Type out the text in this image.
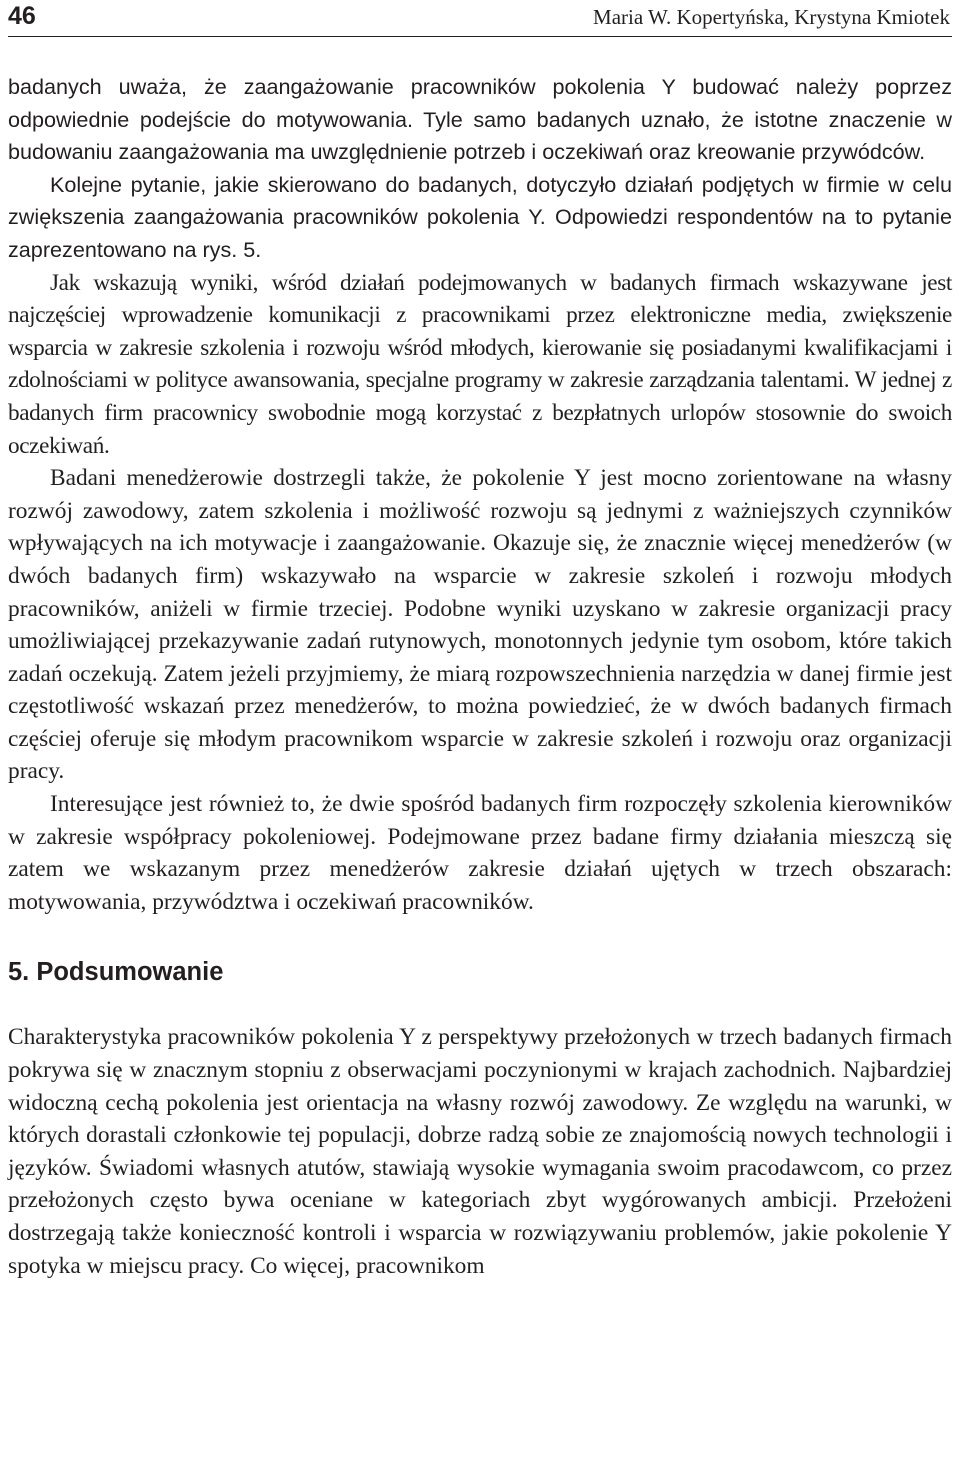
46	Maria W. Kopertyńska, Krystyna Kmiotek

badanych uważa, że zaangażowanie pracowników pokolenia Y budować należy poprzez odpowiednie podejście do motywowania. Tyle samo badanych uznało, że istotne znaczenie w budowaniu zaangażowania ma uwzględnienie potrzeb i oczekiwań oraz kreowanie przywódców.

Kolejne pytanie, jakie skierowano do badanych, dotyczyło działań podjętych w firmie w celu zwiększenia zaangażowania pracowników pokolenia Y. Odpowiedzi respondentów na to pytanie zaprezentowano na rys. 5.

Jak wskazują wyniki, wśród działań podejmowanych w badanych firmach wskazywane jest najczęściej wprowadzenie komunikacji z pracownikami przez elektroniczne media, zwiększenie wsparcia w zakresie szkolenia i rozwoju wśród młodych, kierowanie się posiadanymi kwalifikacjami i zdolnościami w polityce awansowania, specjalne programy w zakresie zarządzania talentami. W jednej z badanych firm pracownicy swobodnie mogą korzystać z bezpłatnych urlopów stosownie do swoich oczekiwań.

Badani menedżerowie dostrzegli także, że pokolenie Y jest mocno zorientowane na własny rozwój zawodowy, zatem szkolenia i możliwość rozwoju są jednymi z ważniejszych czynników wpływających na ich motywacje i zaangażowanie. Okazuje się, że znacznie więcej menedżerów (w dwóch badanych firm) wskazywało na wsparcie w zakresie szkoleń i rozwoju młodych pracowników, aniżeli w firmie trzeciej. Podobne wyniki uzyskano w zakresie organizacji pracy umożliwiającej przekazywanie zadań rutynowych, monotonnych jedynie tym osobom, które takich zadań oczekują. Zatem jeżeli przyjmiemy, że miarą rozpowszechnienia narzędzia w danej firmie jest częstotliwość wskazań przez menedżerów, to można powiedzieć, że w dwóch badanych firmach częściej oferuje się młodym pracownikom wsparcie w zakresie szkoleń i rozwoju oraz organizacji pracy.

Interesujące jest również to, że dwie spośród badanych firm rozpoczęły szkolenia kierowników w zakresie współpracy pokoleniowej. Podejmowane przez badane firmy działania mieszczą się zatem we wskazanym przez menedżerów zakresie działań ujętych w trzech obszarach: motywowania, przywództwa i oczekiwań pracowników.

5. Podsumowanie

Charakterystyka pracowników pokolenia Y z perspektywy przełożonych w trzech badanych firmach pokrywa się w znacznym stopniu z obserwacjami poczynionymi w krajach zachodnich. Najbardziej widoczną cechą pokolenia jest orientacja na własny rozwój zawodowy. Ze względu na warunki, w których dorastali członkowie tej populacji, dobrze radzą sobie ze znajomością nowych technologii i języków. Świadomi własnych atutów, stawiają wysokie wymagania swoim pracodawcom, co przez przełożonych często bywa oceniane w kategoriach zbyt wygórowanych ambicji. Przełożeni dostrzegają także konieczność kontroli i wsparcia w rozwiązywaniu problemów, jakie pokolenie Y spotyka w miejscu pracy. Co więcej, pracownikom
